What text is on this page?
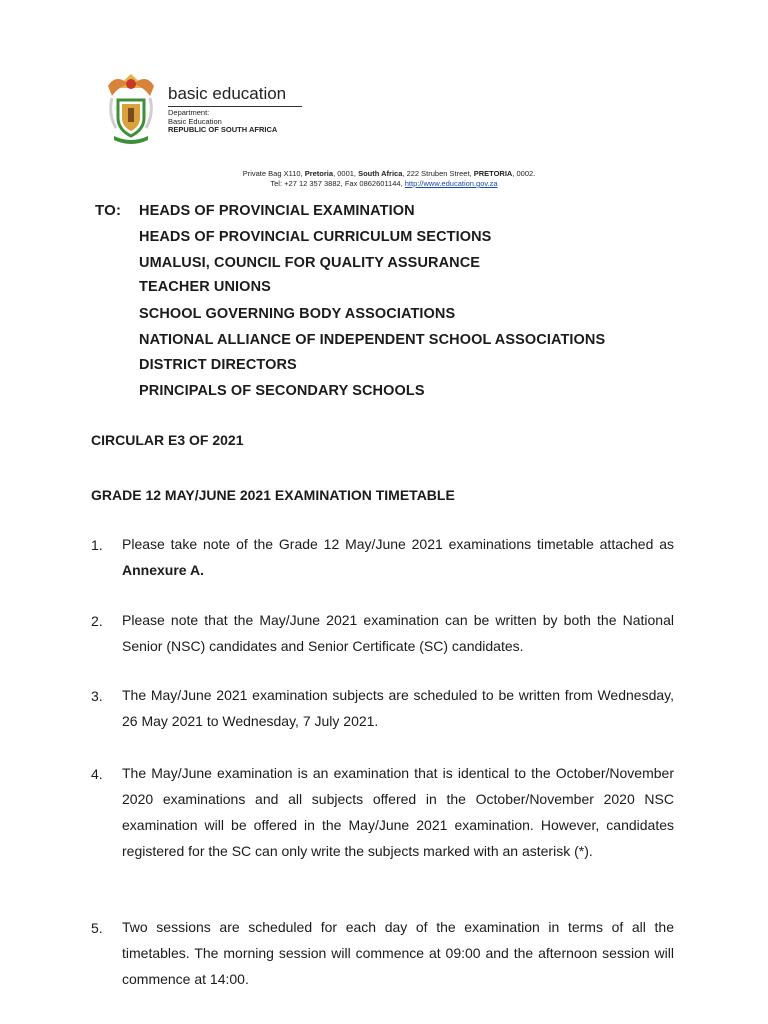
basic education
Department:
Basic Education
REPUBLIC OF SOUTH AFRICA
Private Bag X110, Pretoria, 0001, South Africa, 222 Struben Street, PRETORIA, 0002.
Tel: +27 12 357 3882, Fax 0862601144, http://www.education.gov.za
TO: HEADS OF PROVINCIAL EXAMINATION
HEADS OF PROVINCIAL CURRICULUM SECTIONS
UMALUSI, COUNCIL FOR QUALITY ASSURANCE
TEACHER UNIONS
SCHOOL GOVERNING BODY ASSOCIATIONS
NATIONAL ALLIANCE OF INDEPENDENT SCHOOL ASSOCIATIONS
DISTRICT DIRECTORS
PRINCIPALS OF SECONDARY SCHOOLS
CIRCULAR E3 OF 2021
GRADE 12 MAY/JUNE 2021 EXAMINATION TIMETABLE
1. Please take note of the Grade 12 May/June 2021 examinations timetable attached as Annexure A.
2. Please note that the May/June 2021 examination can be written by both the National Senior (NSC) candidates and Senior Certificate (SC) candidates.
3. The May/June 2021 examination subjects are scheduled to be written from Wednesday, 26 May 2021 to Wednesday, 7 July 2021.
4. The May/June examination is an examination that is identical to the October/November 2020 examinations and all subjects offered in the October/November 2020 NSC examination will be offered in the May/June 2021 examination. However, candidates registered for the SC can only write the subjects marked with an asterisk (*).
5. Two sessions are scheduled for each day of the examination in terms of all the timetables. The morning session will commence at 09:00 and the afternoon session will commence at 14:00.
